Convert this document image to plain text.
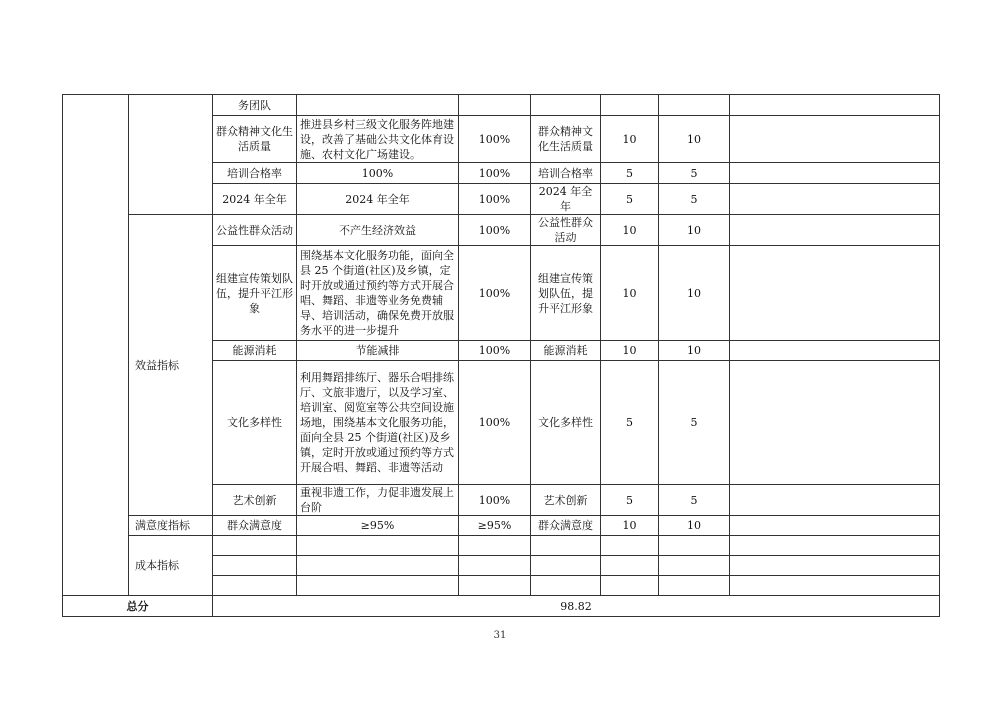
		务团队						
		群众精神文化生活质量	推进县乡村三级文化服务阵地建设，改善了基础公共文化体育设施、农村文化广场建设。	100%	群众精神文化生活质量	10	10	
		培训合格率	100%	100%	培训合格率	5	5	
		2024 年全年	2024 年全年	100%	2024 年全年	5	5	
	效益指标	公益性群众活动	不产生经济效益	100%	公益性群众活动	10	10	
		组建宣传策划队伍，提升平江形象	围绕基本文化服务功能，面向全县 25 个街道(社区)及乡镇，定时开放或通过预约等方式开展合唱、舞蹈、非遗等业务免费辅导、培训活动，确保免费开放服务水平的进一步提升	100%	组建宣传策划队伍，提升平江形象	10	10	
		能源消耗	节能减排	100%	能源消耗	10	10	
		文化多样性	利用舞蹈排练厅、器乐合唱排练厅、文旅非遗厅，以及学习室、培训室、阅览室等公共空间设施场地，围绕基本文化服务功能，面向全县 25 个街道(社区)及乡镇，定时开放或通过预约等方式开展合唱、舞蹈、非遗等活动	100%	文化多样性	5	5	
		艺术创新	重视非遗工作，力促非遗发展上台阶	100%	艺术创新	5	5	
	满意度指标	群众满意度	≥95%	≥95%	群众满意度	10	10	
	成本指标							

总分		98.82						
31
